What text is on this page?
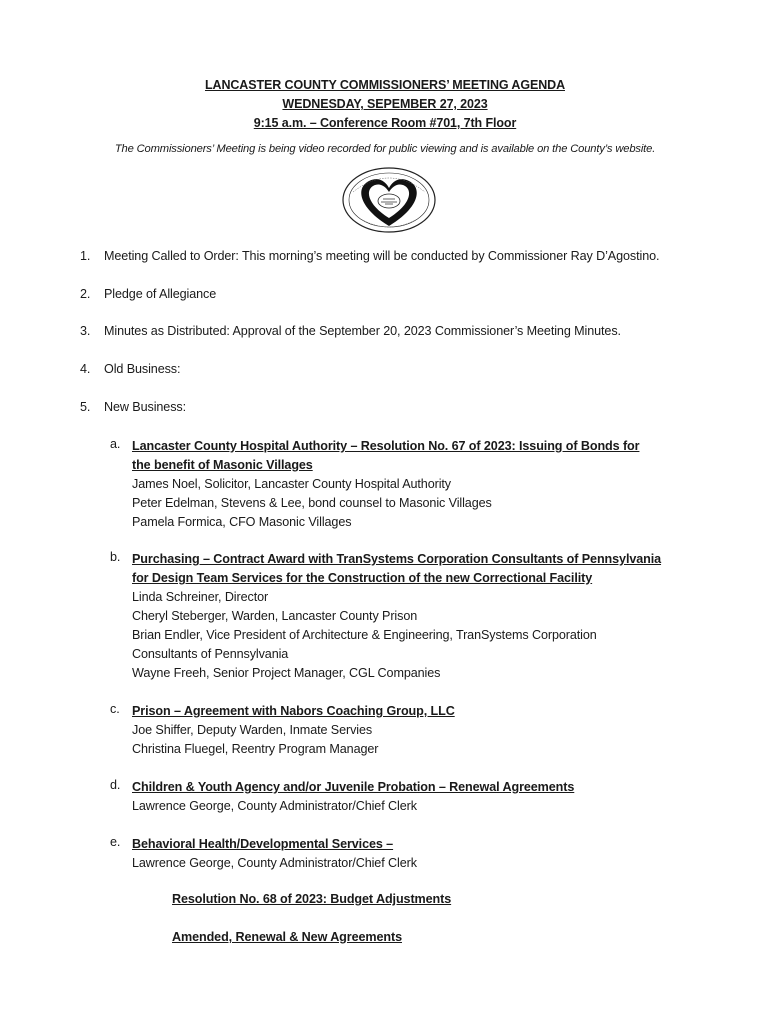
LANCASTER COUNTY COMMISSIONERS’ MEETING AGENDA
WEDNESDAY, SEPEMBER 27, 2023
9:15 a.m. – Conference Room #701, 7th Floor
The Commissioners’ Meeting is being video recorded for public viewing and is available on the County’s website.
1.	Meeting Called to Order: This morning’s meeting will be conducted by Commissioner Ray D’Agostino.
2.	Pledge of Allegiance
3.	Minutes as Distributed: Approval of the September 20, 2023 Commissioner’s Meeting Minutes.
4.	Old Business:
5.	New Business:
a. Lancaster County Hospital Authority – Resolution No. 67 of 2023: Issuing of Bonds for
the benefit of Masonic Villages
James Noel, Solicitor, Lancaster County Hospital Authority
Peter Edelman, Stevens & Lee, bond counsel to Masonic Villages
Pamela Formica, CFO Masonic Villages
b. Purchasing – Contract Award with TranSystems Corporation Consultants of Pennsylvania
for Design Team Services for the Construction of the new Correctional Facility
Linda Schreiner, Director
Cheryl Steberger, Warden, Lancaster County Prison
Brian Endler, Vice President of Architecture & Engineering, TranSystems Corporation
Consultants of Pennsylvania
Wayne Freeh, Senior Project Manager, CGL Companies
c. Prison – Agreement with Nabors Coaching Group, LLC
Joe Shiffer, Deputy Warden, Inmate Servies
Christina Fluegel, Reentry Program Manager
d. Children & Youth Agency and/or Juvenile Probation – Renewal Agreements
Lawrence George, County Administrator/Chief Clerk
e. Behavioral Health/Developmental Services –
Lawrence George, County Administrator/Chief Clerk
Resolution No. 68 of 2023: Budget Adjustments
Amended, Renewal & New Agreements
